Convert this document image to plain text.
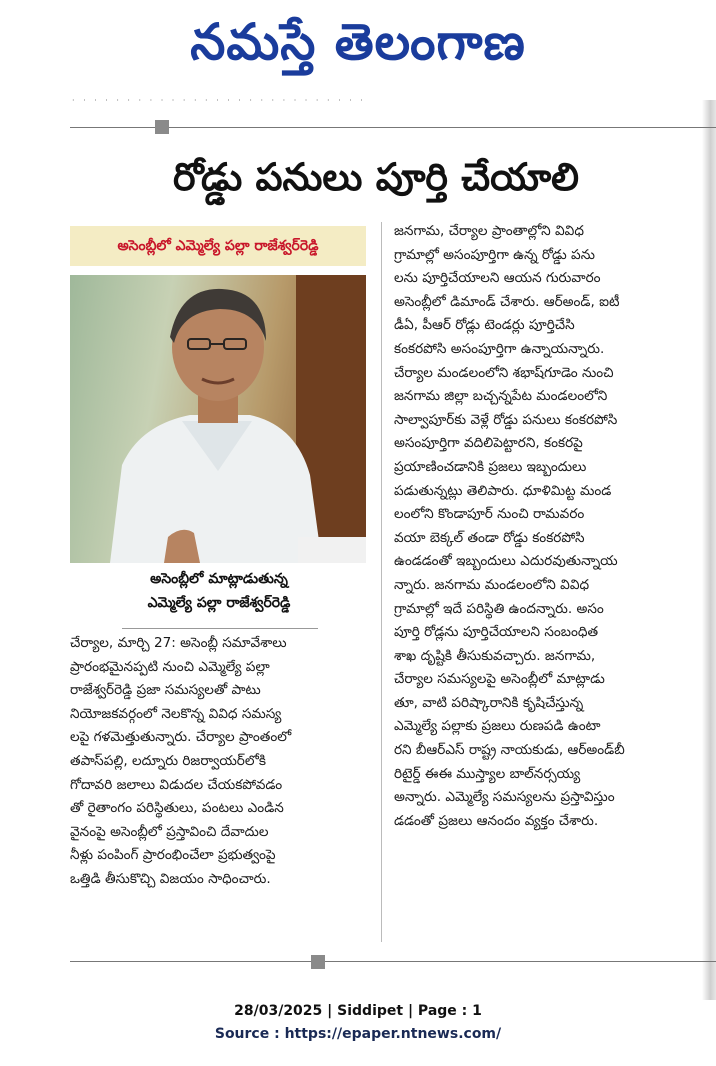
నమస్తే తెలంగాణ
· · · · · · · · · · · · · · · · · · · · · · · · · · ·
రోడ్డు పనులు పూర్తి చేయాలి
అసెంబ్లీలో ఎమ్మెల్యే పల్లా రాజేశ్వర్‌రెడ్డి
అసెంబ్లీలో మాట్లాడుతున్న
ఎమ్మెల్యే పల్లా రాజేశ్వర్‌రెడ్డి
చేర్యాల, మార్చి 27: అసెంబ్లీ సమావేశాలు
ప్రారంభమైనప్పటి నుంచి ఎమ్మెల్యే పల్లా
రాజేశ్వర్‌రెడ్డి ప్రజా సమస్యలతో పాటు
నియోజకవర్గంలో నెలకొన్న వివిధ సమస్య
లపై గళమెత్తుతున్నారు. చేర్యాల ప్రాంతంలో
తపాస్‌పల్లి, లద్నూరు రిజర్వాయర్‌లోకి
గోదావరి జలాలు విడుదల చేయకపోవడం
తో రైతాంగం పరిస్థితులు, పంటలు ఎండిన
వైనంపై అసెంబ్లీలో ప్రస్తావించి దేవాదుల
నీళ్లు పంపింగ్ ప్రారంభించేలా ప్రభుత్వంపై
ఒత్తిడి తీసుకొచ్చి విజయం సాధించారు.
జనగామ, చేర్యాల ప్రాంతాల్లోని వివిధ
గ్రామాల్లో అసంపూర్తిగా ఉన్న రోడ్డు పను
లను పూర్తిచేయాలని ఆయన గురువారం
అసెంబ్లీలో డిమాండ్ చేశారు. ఆర్‌అండ్, ఐటీ
డీఏ, పీఆర్ రోడ్లు టెండర్లు పూర్తిచేసి
కంకరపోసి అసంపూర్తిగా ఉన్నాయన్నారు.
చేర్యాల మండలంలోని శభాష్‌గూడెం నుంచి
జనగామ జిల్లా బచ్చన్నపేట మండలంలోని
సాల్వాపూర్‌కు వెళ్లే రోడ్డు పనులు కంకరపోసి
అసంపూర్తిగా వదిలిపెట్టారని, కంకరపై
ప్రయాణించడానికి ప్రజలు ఇబ్బందులు
పడుతున్నట్లు తెలిపారు. ధూళిమిట్ట మండ
లంలోని కొండాపూర్ నుంచి రామవరం
వయా బెక్కల్ తండా రోడ్డు కంకరపోసి
ఉండడంతో ఇబ్బందులు ఎదురవుతున్నాయ
న్నారు. జనగామ మండలంలోని వివిధ
గ్రామాల్లో ఇదే పరిస్థితి ఉందన్నారు. అసం
పూర్తి రోడ్లను పూర్తిచేయాలని సంబంధిత
శాఖ దృష్టికి తీసుకువచ్చారు. జనగామ,
చేర్యాల సమస్యలపై అసెంబ్లీలో మాట్లాడు
తూ, వాటి పరిష్కారానికి కృషిచేస్తున్న
ఎమ్మెల్యే పల్లాకు ప్రజలు రుణపడి ఉంటా
రని బీఆర్‌ఎస్ రాష్ట్ర నాయకుడు, ఆర్‌అండ్‌బీ
రిటైర్డ్ ఈఈ ముస్త్యాల బాల్‌నర్సయ్య
అన్నారు. ఎమ్మెల్యే సమస్యలను ప్రస్తావిస్తుం
డడంతో ప్రజలు ఆనందం వ్యక్తం చేశారు.
28/03/2025 | Siddipet | Page : 1
Source : https://epaper.ntnews.com/
